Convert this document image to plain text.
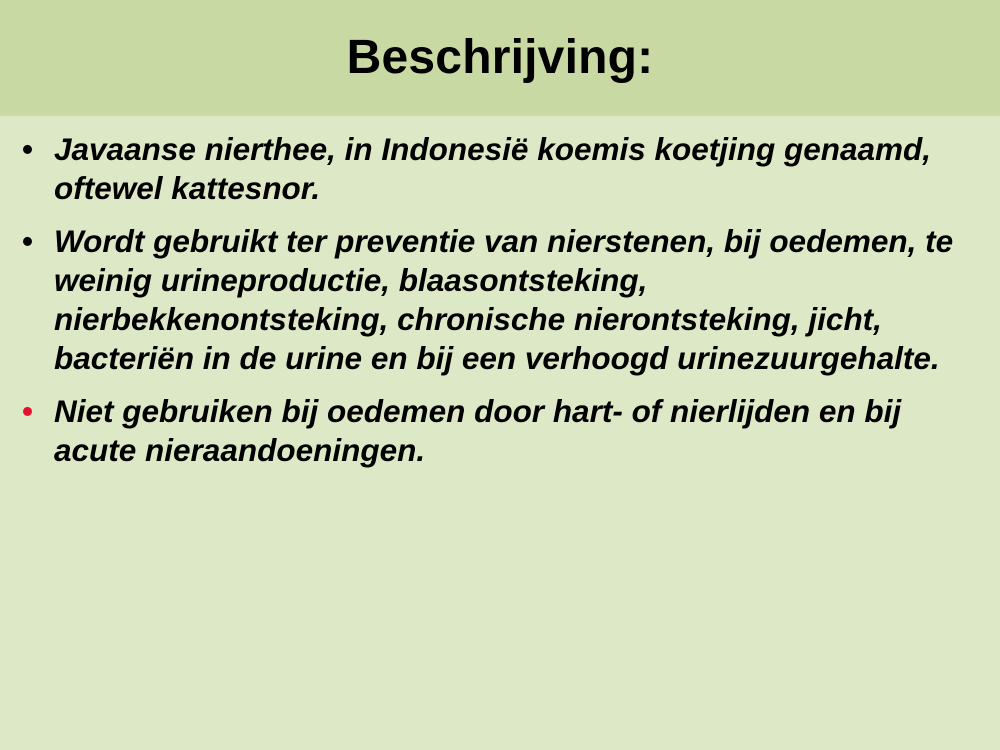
Beschrijving:
• Javaanse nierthee, in Indonesië koemis koetjing genaamd, oftewel kattesnor.
• Wordt gebruikt ter preventie van nierstenen, bij oedemen, te weinig urineproductie, blaasontsteking, nierbekkenontsteking, chronische nierontsteking, jicht, bacteriën in de urine en bij een verhoogd urinezuurgehalte.
• Niet gebruiken bij oedemen door hart- of nierlijden en bij acute nieraandoeningen.
